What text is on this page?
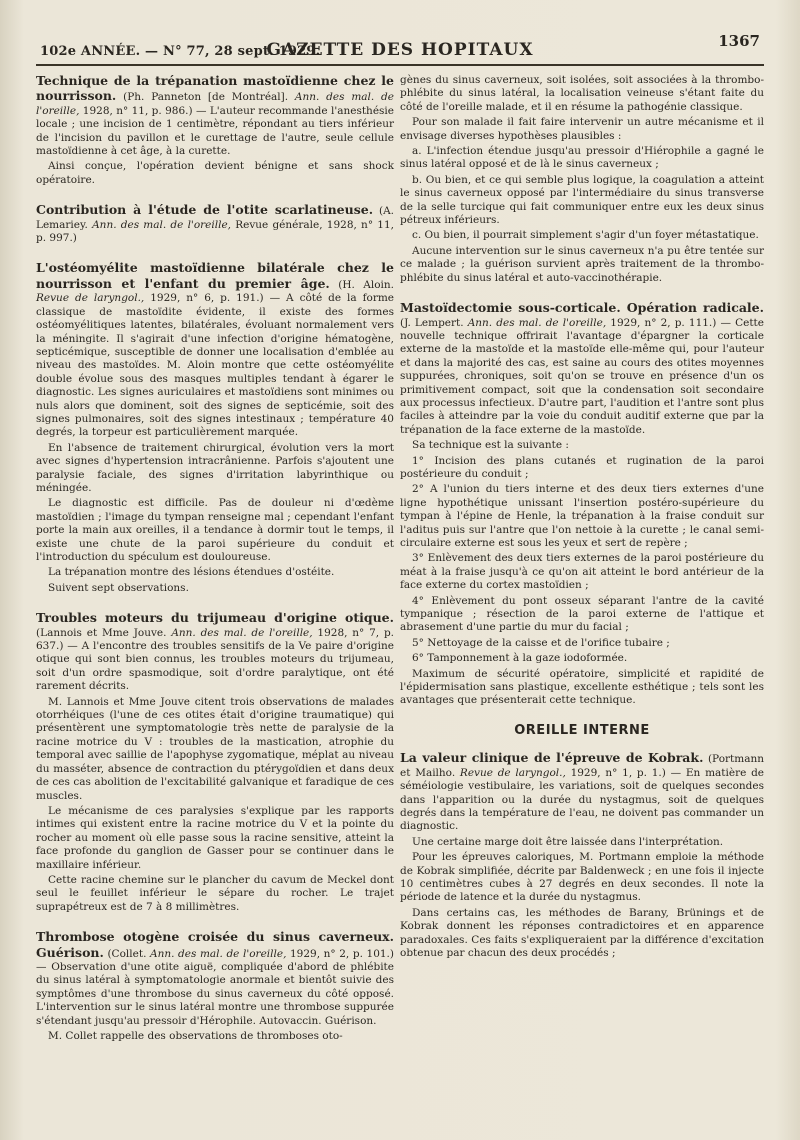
102e ANNÉE. — N° 77, 28 sept. 1929.
GAZETTE DES HOPITAUX	1367

Technique de la trépanation mastoïdienne chez le nourrisson. (Ph. Panneton [de Montréal]. Ann. des mal. de l'oreille, 1928, n° 11, p. 986.) — L'auteur recommande l'anesthésie locale ; une incision de 1 centimètre, répondant au tiers inférieur de l'incision du pavillon et le curettage de l'autre, seule cellule mastoïdienne à cet âge, à la curette.

Ainsi conçue, l'opération devient bénigne et sans shock opératoire.

Contribution à l'étude de l'otite scarlatineuse. (A. Lemariey. Ann. des mal. de l'oreille, Revue générale, 1928, n° 11, p. 997.)

L'ostéomyélite mastoïdienne bilatérale chez le nourrisson et l'enfant du premier âge. (H. Aloin. Revue de laryngol., 1929, n° 6, p. 191.) — A côté de la forme classique de mastoïdite évidente, il existe des formes ostéomyélitiques latentes, bilatérales, évoluant normalement vers la méningite. Il s'agirait d'une infection d'origine hématogène, septicémique, susceptible de donner une localisation d'emblée au niveau des mastoïdes. M. Aloin montre que cette ostéomyélite double évolue sous des masques multiples tendant à égarer le diagnostic. Les signes auriculaires et mastoïdiens sont minimes ou nuls alors que dominent, soit des signes de septicémie, soit des signes pulmonaires, soit des signes intestinaux ; température 40 degrés, la torpeur est particulièrement marquée.

En l'absence de traitement chirurgical, évolution vers la mort avec signes d'hypertension intracrânienne. Parfois s'ajoutent une paralysie faciale, des signes d'irritation labyrinthique ou méningée.

Le diagnostic est difficile. Pas de douleur ni d'œdème mastoïdien ; l'image du tympan renseigne mal ; cependant l'enfant porte la main aux oreilles, il a tendance à dormir tout le temps, il existe une chute de la paroi supérieure du conduit et l'introduction du spéculum est douloureuse.

La trépanation montre des lésions étendues d'ostéite.

Suivent sept observations.

Troubles moteurs du trijumeau d'origine otique. (Lannois et Mme Jouve. Ann. des mal. de l'oreille, 1928, n° 7, p. 637.) — A l'encontre des troubles sensitifs de la Ve paire d'origine otique qui sont bien connus, les troubles moteurs du trijumeau, soit d'un ordre spasmodique, soit d'ordre paralytique, ont été rarement décrits.

M. Lannois et Mme Jouve citent trois observations de malades otorrhéiques (l'une de ces otites était d'origine traumatique) qui présentèrent une symptomatologie très nette de paralysie de la racine motrice du V : troubles de la mastication, atrophie du temporal avec saillie de l'apophyse zygomatique, méplat au niveau du masséter, absence de contraction du ptérygoïdien et dans deux de ces cas abolition de l'excitabilité galvanique et faradique de ces muscles.

Le mécanisme de ces paralysies s'explique par les rapports intimes qui existent entre la racine motrice du V et la pointe du rocher au moment où elle passe sous la racine sensitive, atteint la face profonde du ganglion de Gasser pour se continuer dans le maxillaire inférieur.

Cette racine chemine sur le plancher du cavum de Meckel dont seul le feuillet inférieur le sépare du rocher. Le trajet suprapétreux est de 7 à 8 millimètres.

Thrombose otogène croisée du sinus caverneux. Guérison. (Collet. Ann. des mal. de l'oreille, 1929, n° 2, p. 101.) — Observation d'une otite aiguë, compliquée d'abord de phlébite du sinus latéral à symptomatologie anormale et bientôt suivie des symptômes d'une thrombose du sinus caverneux du côté opposé. L'intervention sur le sinus latéral montre une thrombose suppurée s'étendant jusqu'au pressoir d'Hérophile. Autovaccin. Guérison.

M. Collet rappelle des observations de thromboses oto-

gènes du sinus caverneux, soit isolées, soit associées à la thrombo-phlébite du sinus latéral, la localisation veineuse s'étant faite du côté de l'oreille malade, et il en résume la pathogénie classique.

Pour son malade il fait faire intervenir un autre mécanisme et il envisage diverses hypothèses plausibles :

a. L'infection étendue jusqu'au pressoir d'Hiérophile a gagné le sinus latéral opposé et de là le sinus caverneux ;

b. Ou bien, et ce qui semble plus logique, la coagulation a atteint le sinus caverneux opposé par l'intermédiaire du sinus transverse de la selle turcique qui fait communiquer entre eux les deux sinus pétreux inférieurs.

c. Ou bien, il pourrait simplement s'agir d'un foyer métastatique.

Aucune intervention sur le sinus caverneux n'a pu être tentée sur ce malade ; la guérison survient après traitement de la thrombo-phlébite du sinus latéral et auto-vaccinothérapie.

Mastoïdectomie sous-corticale. Opération radicale. (J. Lempert. Ann. des mal. de l'oreille, 1929, n° 2, p. 111.) — Cette nouvelle technique offrirait l'avantage d'épargner la corticale externe de la mastoïde et la mastoïde elle-même qui, pour l'auteur et dans la majorité des cas, est saine au cours des otites moyennes suppurées, chroniques, soit qu'on se trouve en présence d'un os primitivement compact, soit que la condensation soit secondaire aux processus infectieux. D'autre part, l'audition et l'antre sont plus faciles à atteindre par la voie du conduit auditif externe que par la trépanation de la face externe de la mastoïde.

Sa technique est la suivante :

1° Incision des plans cutanés et rugination de la paroi postérieure du conduit ;

2° A l'union du tiers interne et des deux tiers externes d'une ligne hypothétique unissant l'insertion postéro-supérieure du tympan à l'épine de Henle, la trépanation à la fraise conduit sur l'aditus puis sur l'antre que l'on nettoie à la curette ; le canal semi-circulaire externe est sous les yeux et sert de repère ;

3° Enlèvement des deux tiers externes de la paroi postérieure du méat à la fraise jusqu'à ce qu'on ait atteint le bord antérieur de la face externe du cortex mastoïdien ;

4° Enlèvement du pont osseux séparant l'antre de la cavité tympanique ; résection de la paroi externe de l'attique et abrasement d'une partie du mur du facial ;

5° Nettoyage de la caisse et de l'orifice tubaire ;

6° Tamponnement à la gaze iodoformée.

Maximum de sécurité opératoire, simplicité et rapidité de l'épidermisation sans plastique, excellente esthétique ; tels sont les avantages que présenterait cette technique.

OREILLE INTERNE

La valeur clinique de l'épreuve de Kobrak. (Portmann et Mailho. Revue de laryngol., 1929, n° 1, p. 1.) — En matière de séméiologie vestibulaire, les variations, soit de quelques secondes dans l'apparition ou la durée du nystagmus, soit de quelques degrés dans la température de l'eau, ne doivent pas commander un diagnostic.

Une certaine marge doit être laissée dans l'interprétation.

Pour les épreuves caloriques, M. Portmann emploie la méthode de Kobrak simplifiée, décrite par Baldenweck ; en une fois il injecte 10 centimètres cubes à 27 degrés en deux secondes. Il note la période de latence et la durée du nystagmus.

Dans certains cas, les méthodes de Barany, Brünings et de Kobrak donnent les réponses contradictoires et en apparence paradoxales. Ces faits s'expliqueraient par la différence d'excitation obtenue par chacun des deux procédés ;
